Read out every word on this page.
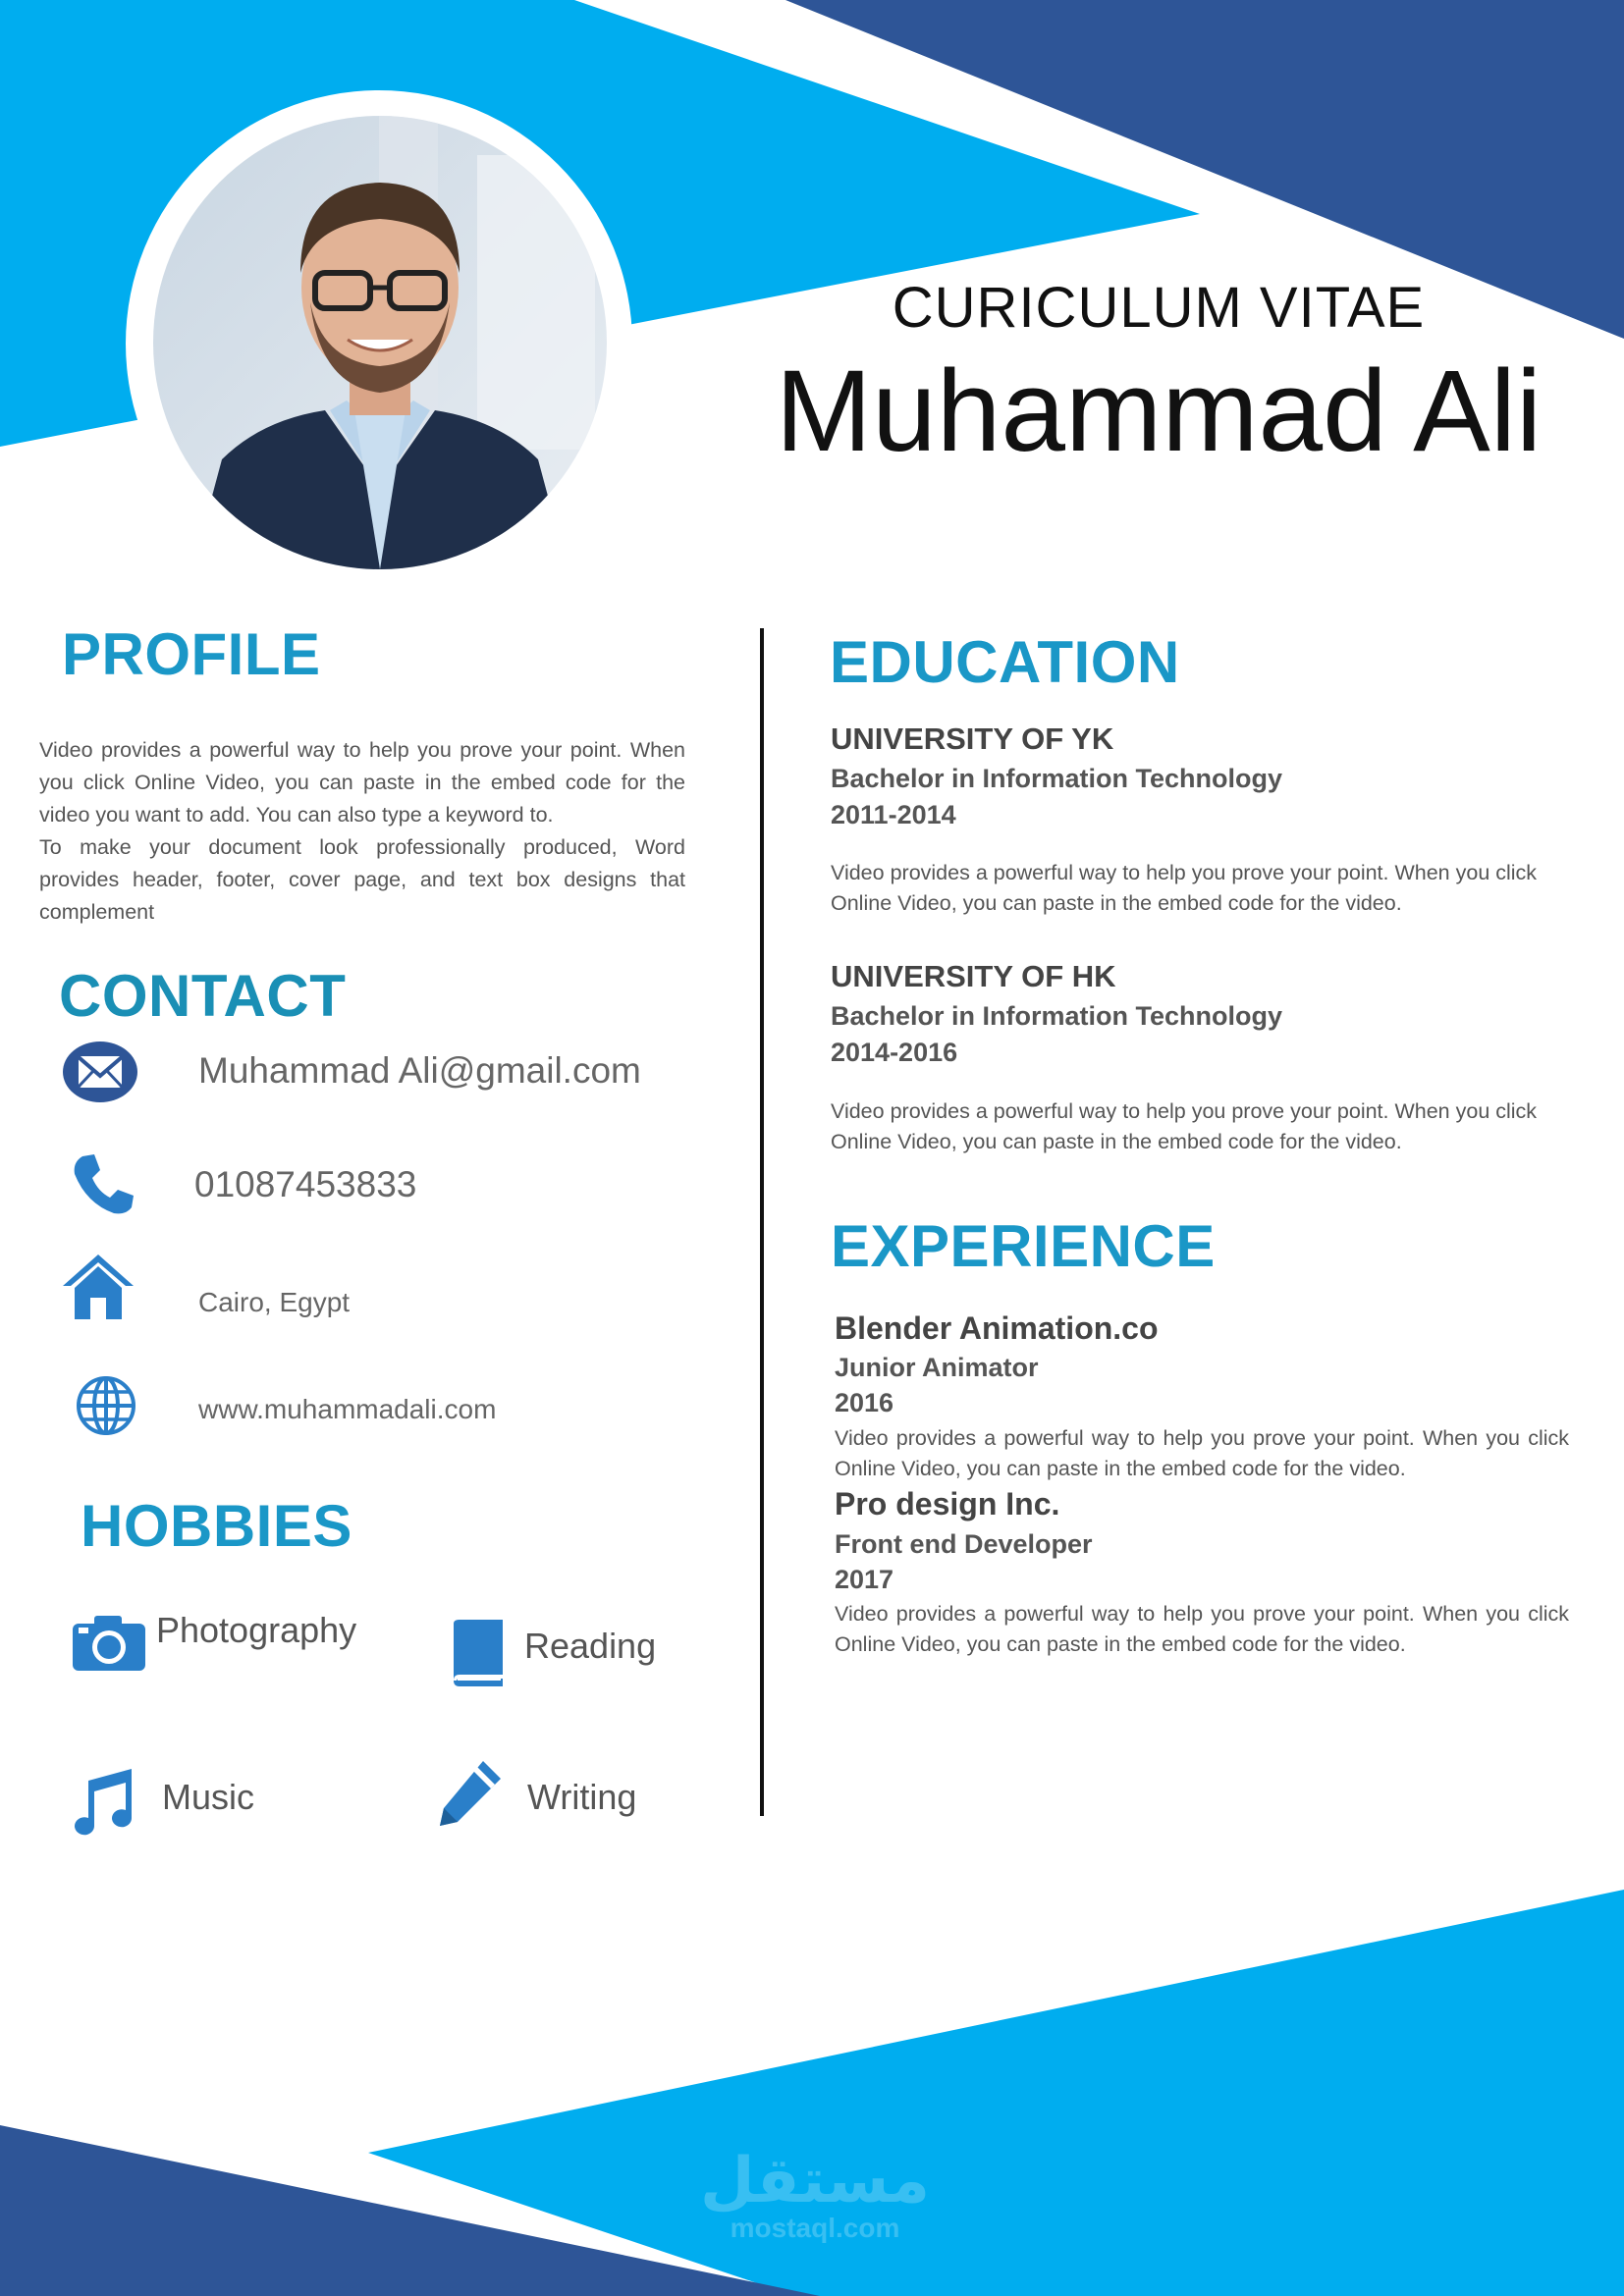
CURICULUM VITAE
Muhammad Ali
PROFILE

Video provides a powerful way to help you prove your point. When you click Online Video, you can paste in the embed code for the video you want to add. You can also type a keyword to.

To make your document look professionally produced, Word provides header, footer, cover page, and text box designs that complement

CONTACT
Muhammad Ali@gmail.com
01087453833
Cairo, Egypt
www.muhammadali.com
HOBBIES
Photography	Reading
Music	Writing
EDUCATION
UNIVERSITY OF YK
Bachelor in Information Technology
2011-2014
Video provides a powerful way to help you prove your point. When you click Online Video, you can paste in the embed code for the video.
UNIVERSITY OF HK
Bachelor in Information Technology
2014-2016
Video provides a powerful way to help you prove your point. When you click Online Video, you can paste in the embed code for the video.
EXPERIENCE
Blender Animation.co
Junior Animator
2016
Video provides a powerful way to help you prove your point. When you click Online Video, you can paste in the embed code for the video.
Pro design Inc.
Front end Developer
2017
Video provides a powerful way to help you prove your point. When you click Online Video, you can paste in the embed code for the video.
مستقل
mostaql.com
